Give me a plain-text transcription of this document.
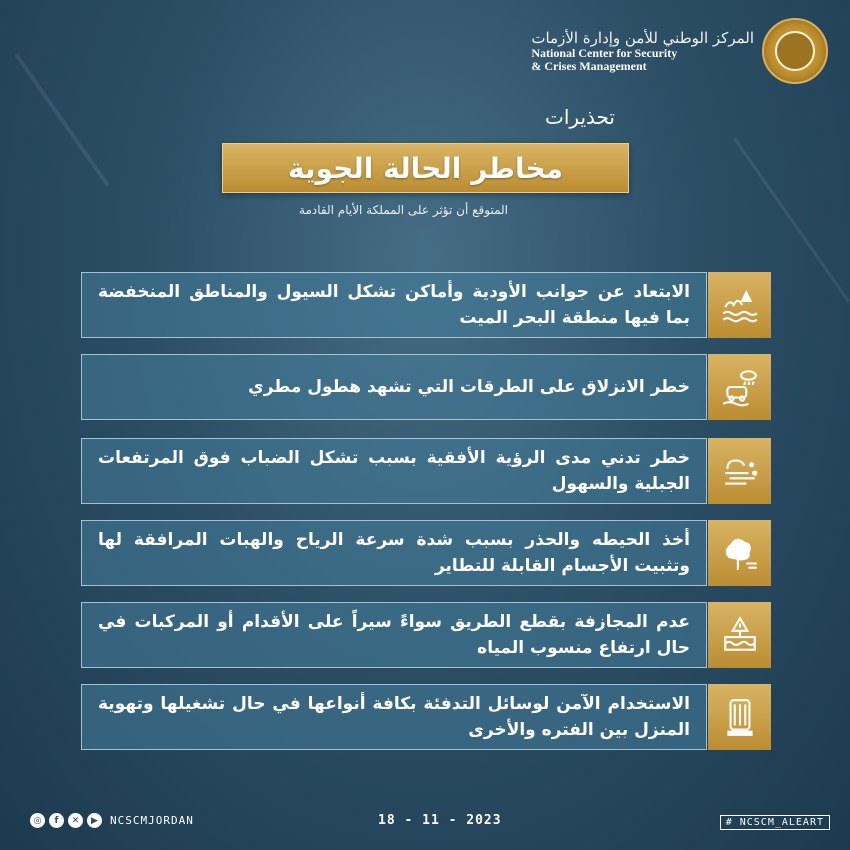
المركز الوطني للأمن وإدارة الأزمات
National Center for Security
& Crises Management
تحذيرات
مخاطر الحالة الجوية
المتوقع أن تؤثر على المملكة الأيام القادمة
الابتعاد عن جوانب الأودية وأماكن تشكل السيول والمناطق المنخفضة بما فيها منطقة البحر الميت
خطر الانزلاق على الطرقات التي تشهد هطول مطري
خطر تدني مدى الرؤية الأفقية بسبب تشكل الضباب فوق المرتفعات الجبلية والسهول
أخذ الحيطه والحذر بسبب شدة سرعة الرياح والهبات المرافقة لها وتثبيت الأجسام القابلة للتطاير
عدم المجازفة بقطع الطريق سواءً سيراً على الأقدام أو المركبات في حال ارتفاع منسوب المياه
الاستخدام الآمن لوسائل التدفئة بكافة أنواعها في حال تشغيلها وتهوية المنزل بين الفتره والأخرى
◎	f	✕	▶	NCSCMJORDAN	18 - 11 - 2023	# NCSCM_ALEART
